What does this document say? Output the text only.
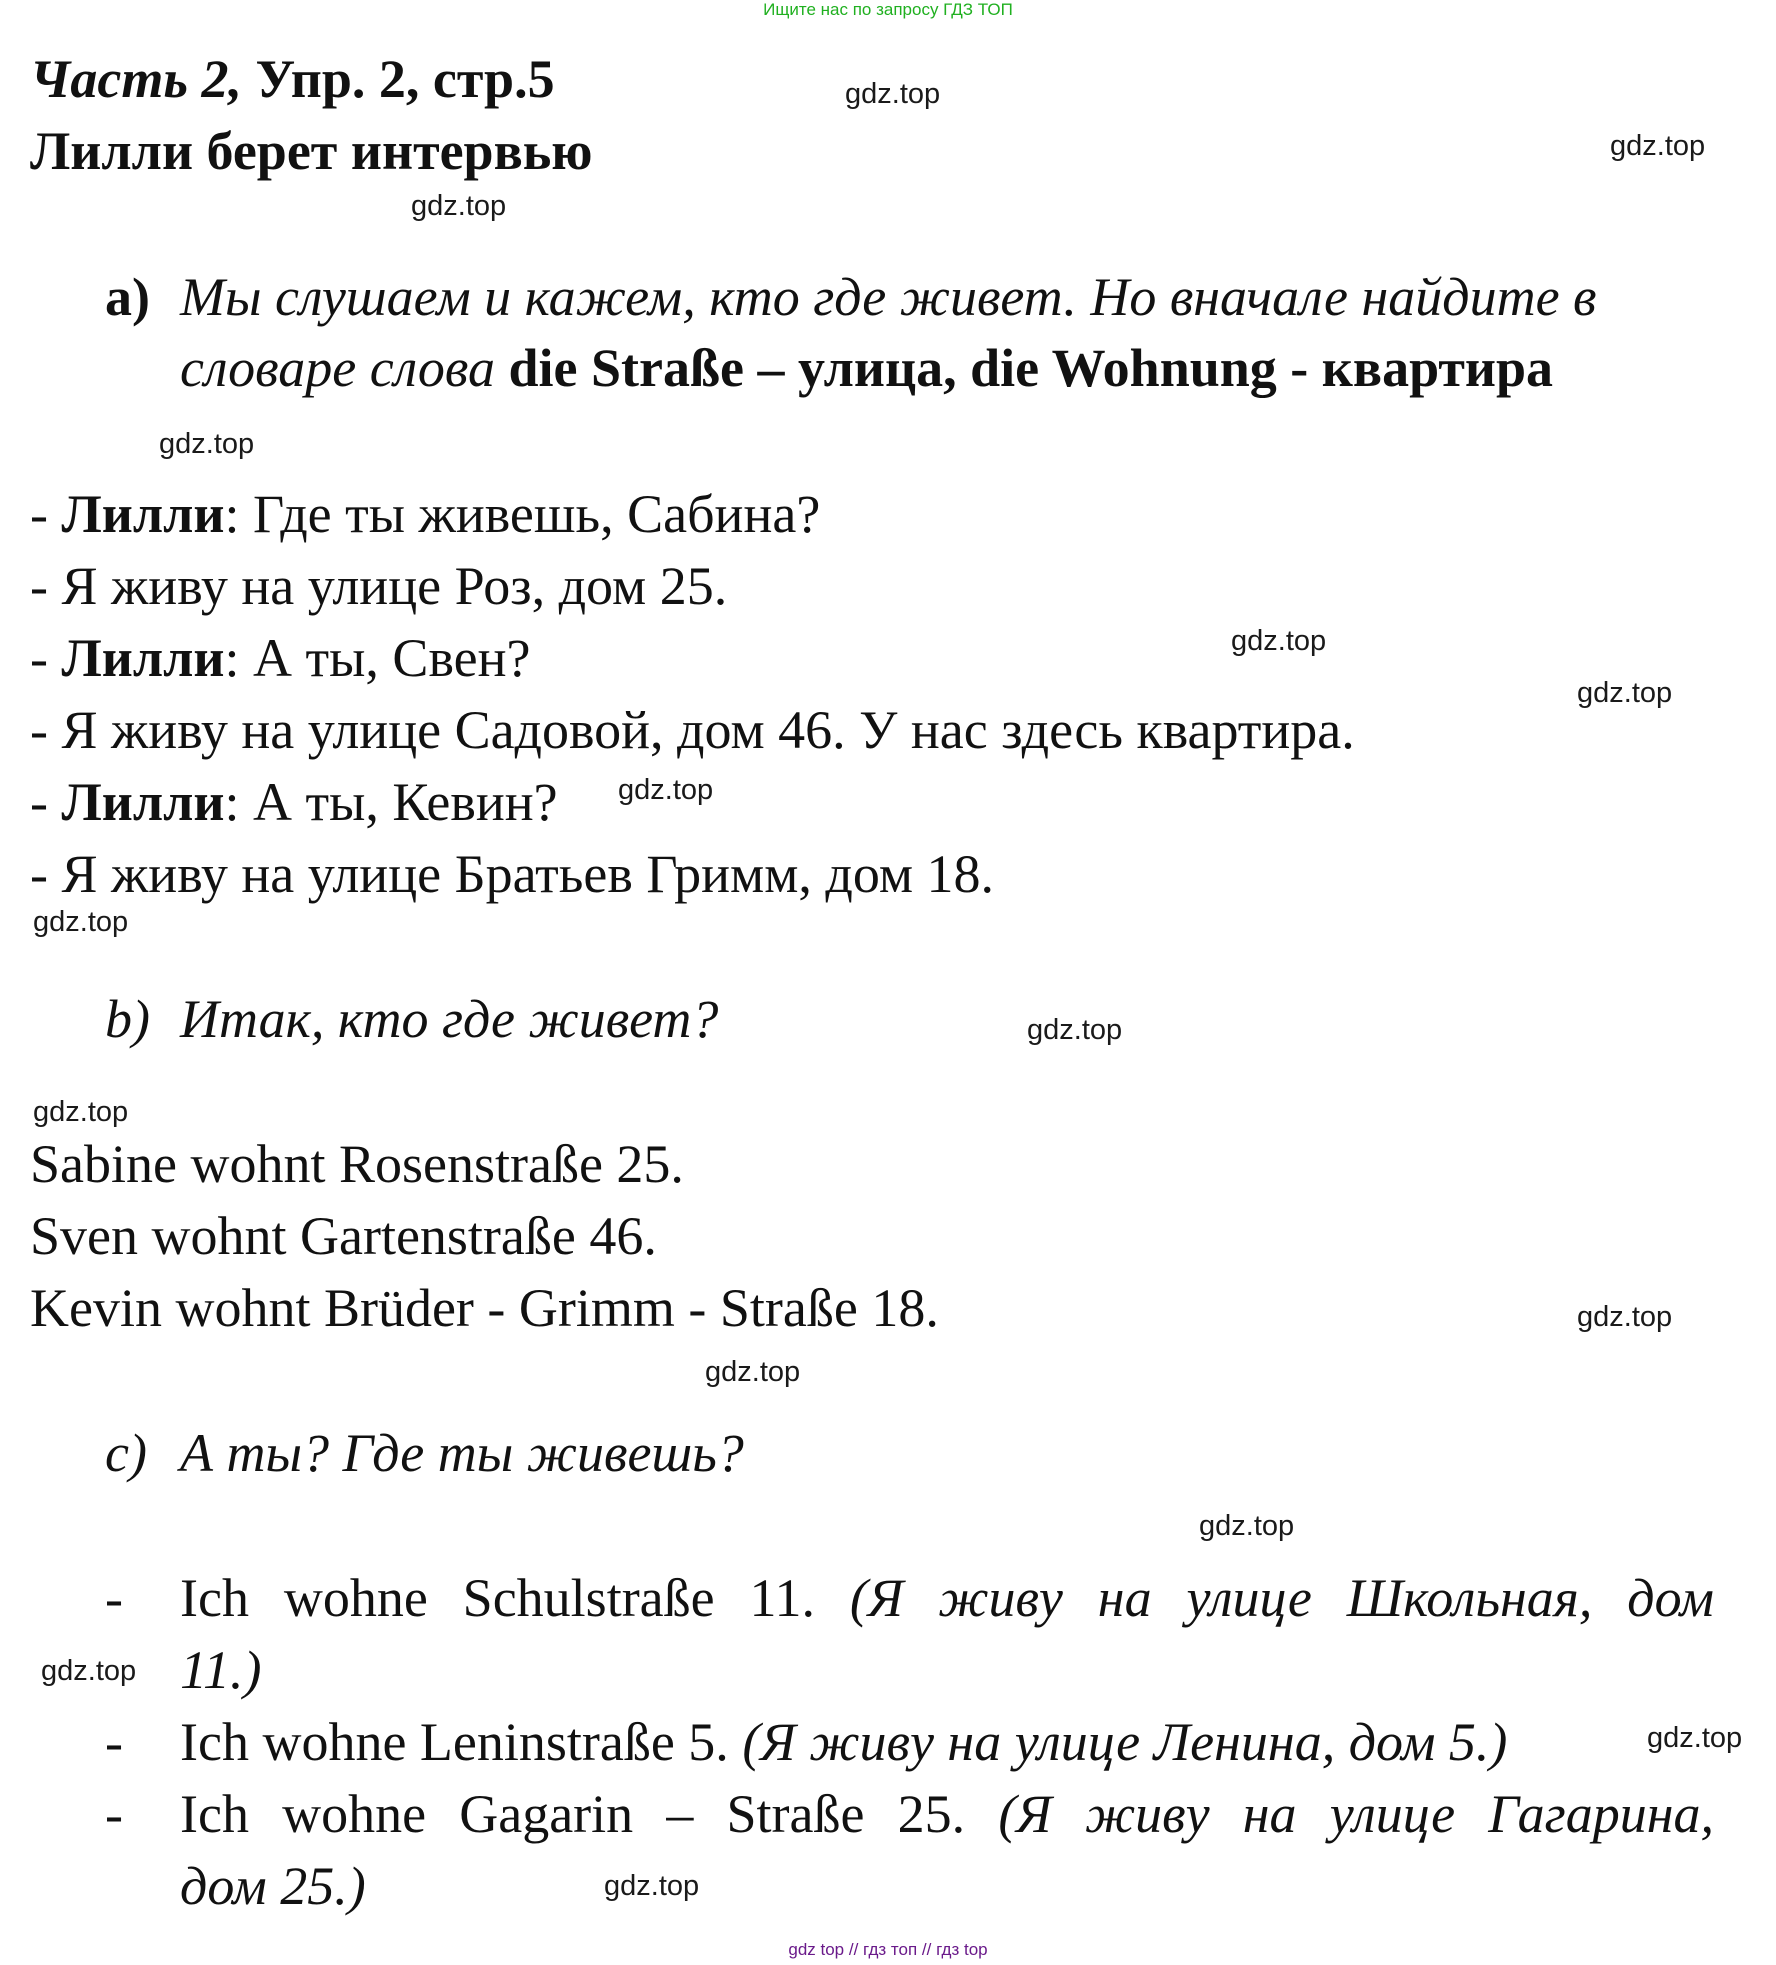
Ищите нас по запросу ГДЗ ТОП
Часть 2, Упр. 2, стр.5
Лилли берет интервью
a) Мы слушаем и кажем, кто где живет. Но вначале найдите в
словаре слова die Straße – улица, die Wohnung - квартира
- Лилли: Где ты живешь, Сабина?
- Я живу на улице Роз, дом 25.
- Лилли: А ты, Свен?
- Я живу на улице Садовой, дом 46. У нас здесь квартира.
- Лилли: А ты, Кевин?
- Я живу на улице Братьев Гримм, дом 18.
b) Итак, кто где живет?
Sabine wohnt Rosenstraße 25.
Sven wohnt Gartenstraße 46.
Kevin wohnt Brüder - Grimm - Straße 18.
c) А ты? Где ты живешь?
- Ich wohne Schulstraße 11. (Я живу на улице Школьная, дом
11.)
- Ich wohne Leninstraße 5. (Я живу на улице Ленина, дом 5.)
- Ich wohne Gagarin – Straße 25. (Я живу на улице Гагарина,
дом 25.)
gdz.top
gdz.top
gdz.top
gdz.top
gdz.top
gdz.top
gdz.top
gdz.top
gdz.top
gdz.top
gdz.top
gdz.top
gdz.top
gdz.top
gdz.top
gdz.top
gdz top // гдз топ // гдз top
